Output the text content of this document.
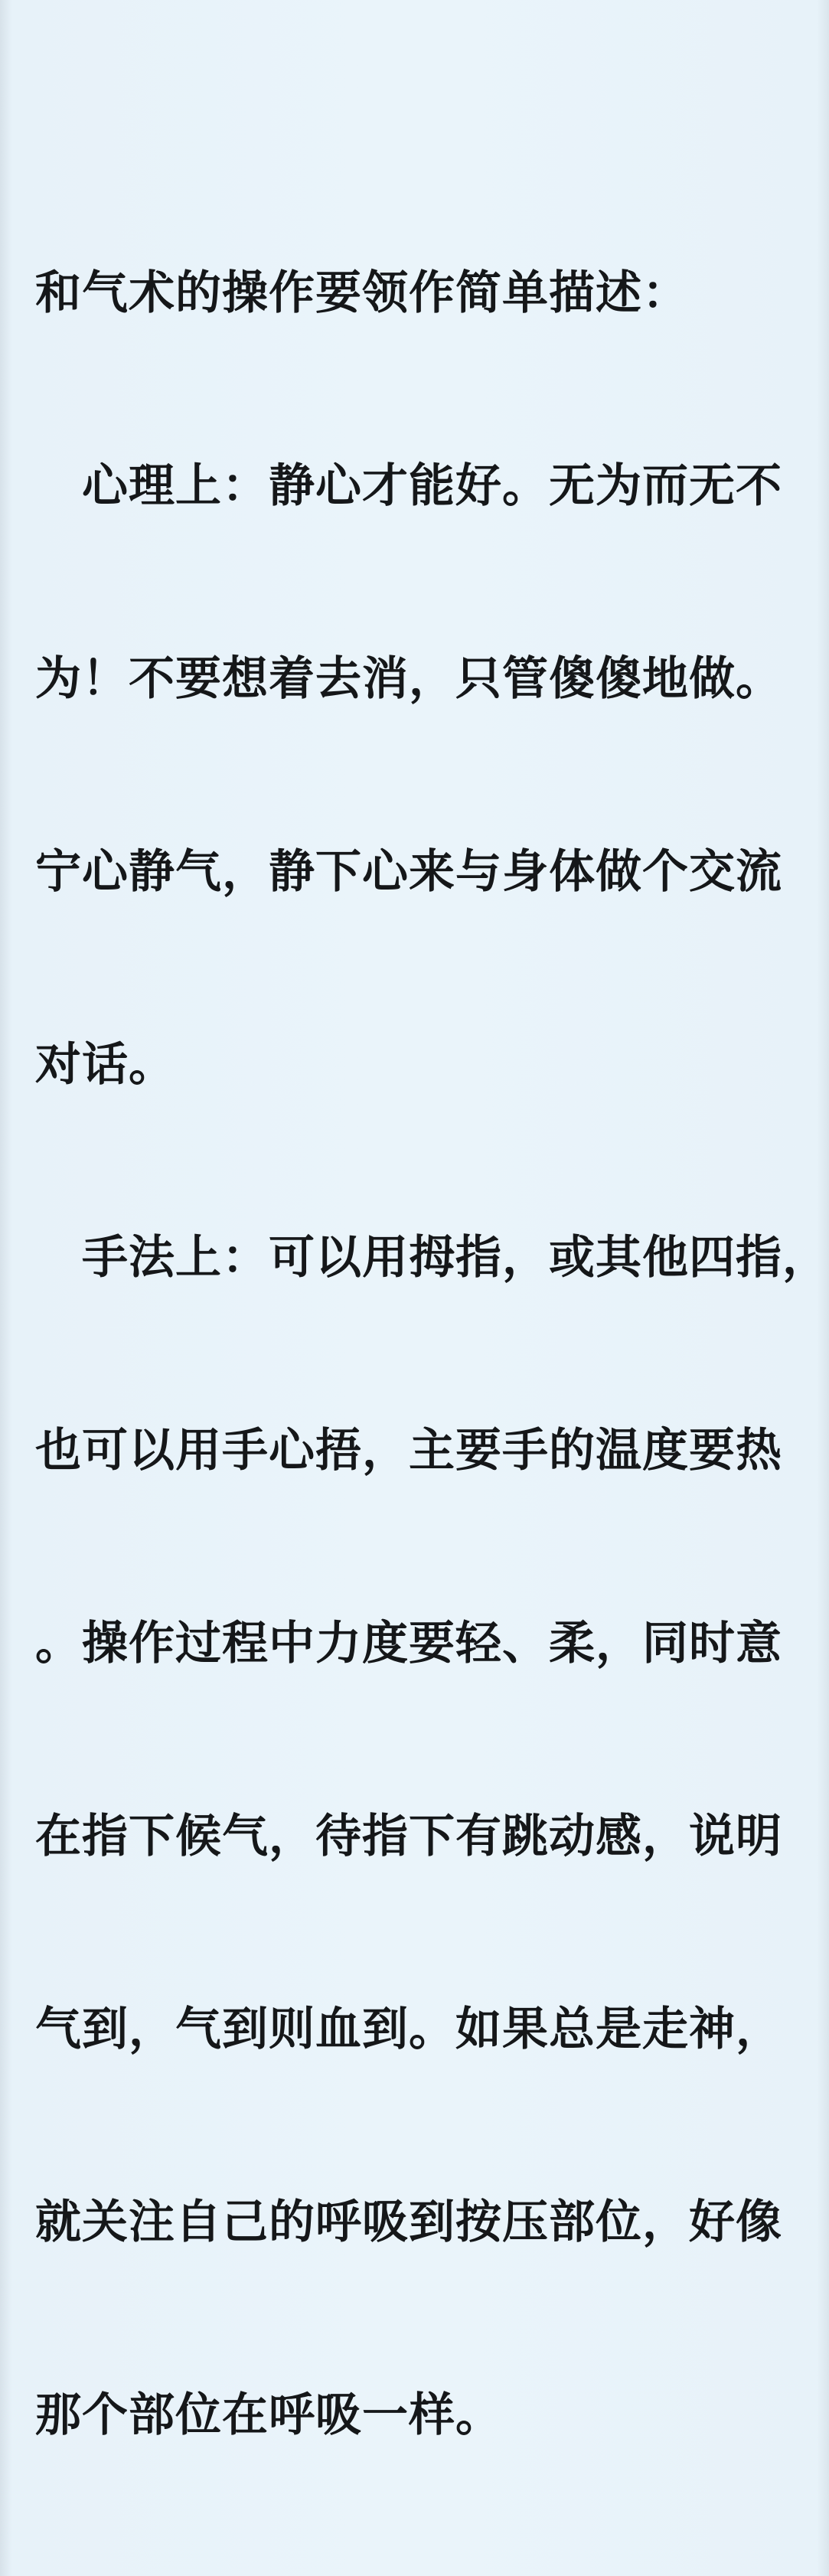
和气术的操作要领作简单描述：

　心理上：静心才能好。无为而无不

为！不要想着去消，只管傻傻地做。

宁心静气，静下心来与身体做个交流

对话。

　手法上：可以用拇指，或其他四指，

也可以用手心捂，主要手的温度要热

。操作过程中力度要轻、柔，同时意

在指下候气，待指下有跳动感，说明

气到，气到则血到。如果总是走神，

就关注自己的呼吸到按压部位，好像

那个部位在呼吸一样。
